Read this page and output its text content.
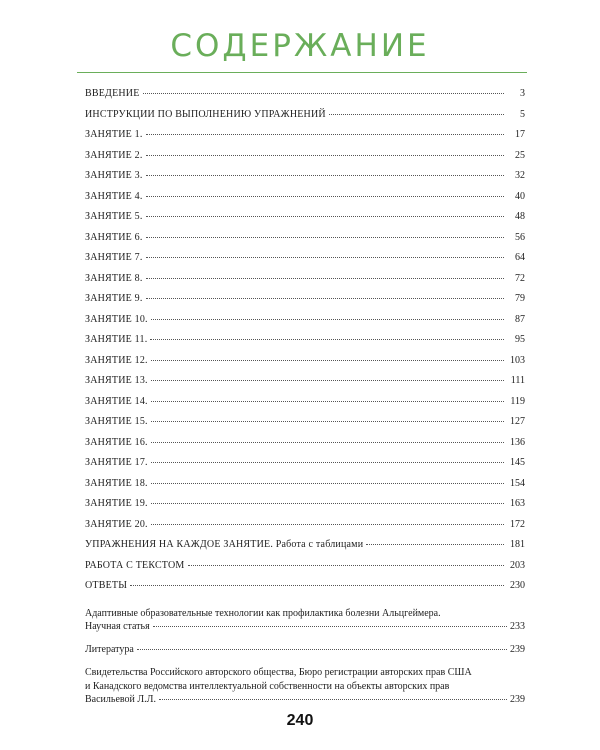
СОДЕРЖАНИЕ
ВВЕДЕНИЕ	3
ИНСТРУКЦИИ ПО ВЫПОЛНЕНИЮ УПРАЖНЕНИЙ	5
ЗАНЯТИЕ 1.	17
ЗАНЯТИЕ 2.	25
ЗАНЯТИЕ 3.	32
ЗАНЯТИЕ 4.	40
ЗАНЯТИЕ 5.	48
ЗАНЯТИЕ 6.	56
ЗАНЯТИЕ 7.	64
ЗАНЯТИЕ 8.	72
ЗАНЯТИЕ 9.	79
ЗАНЯТИЕ 10.	87
ЗАНЯТИЕ 11.	95
ЗАНЯТИЕ 12.	103
ЗАНЯТИЕ 13.	111
ЗАНЯТИЕ 14.	119
ЗАНЯТИЕ 15.	127
ЗАНЯТИЕ 16.	136
ЗАНЯТИЕ 17.	145
ЗАНЯТИЕ 18.	154
ЗАНЯТИЕ 19.	163
ЗАНЯТИЕ 20.	172
УПРАЖНЕНИЯ НА КАЖДОЕ ЗАНЯТИЕ. Работа с таблицами	181
РАБОТА С ТЕКСТОМ	203
ОТВЕТЫ	230
Адаптивные образовательные технологии как профилактика болезни Альцгеймера.
Научная статья	233
Литература	239
Свидетельства Российского авторского общества, Бюро регистрации авторских прав США
и Канадского ведомства интеллектуальной собственности на объекты авторских прав
Васильевой Л.Л.	239
240
